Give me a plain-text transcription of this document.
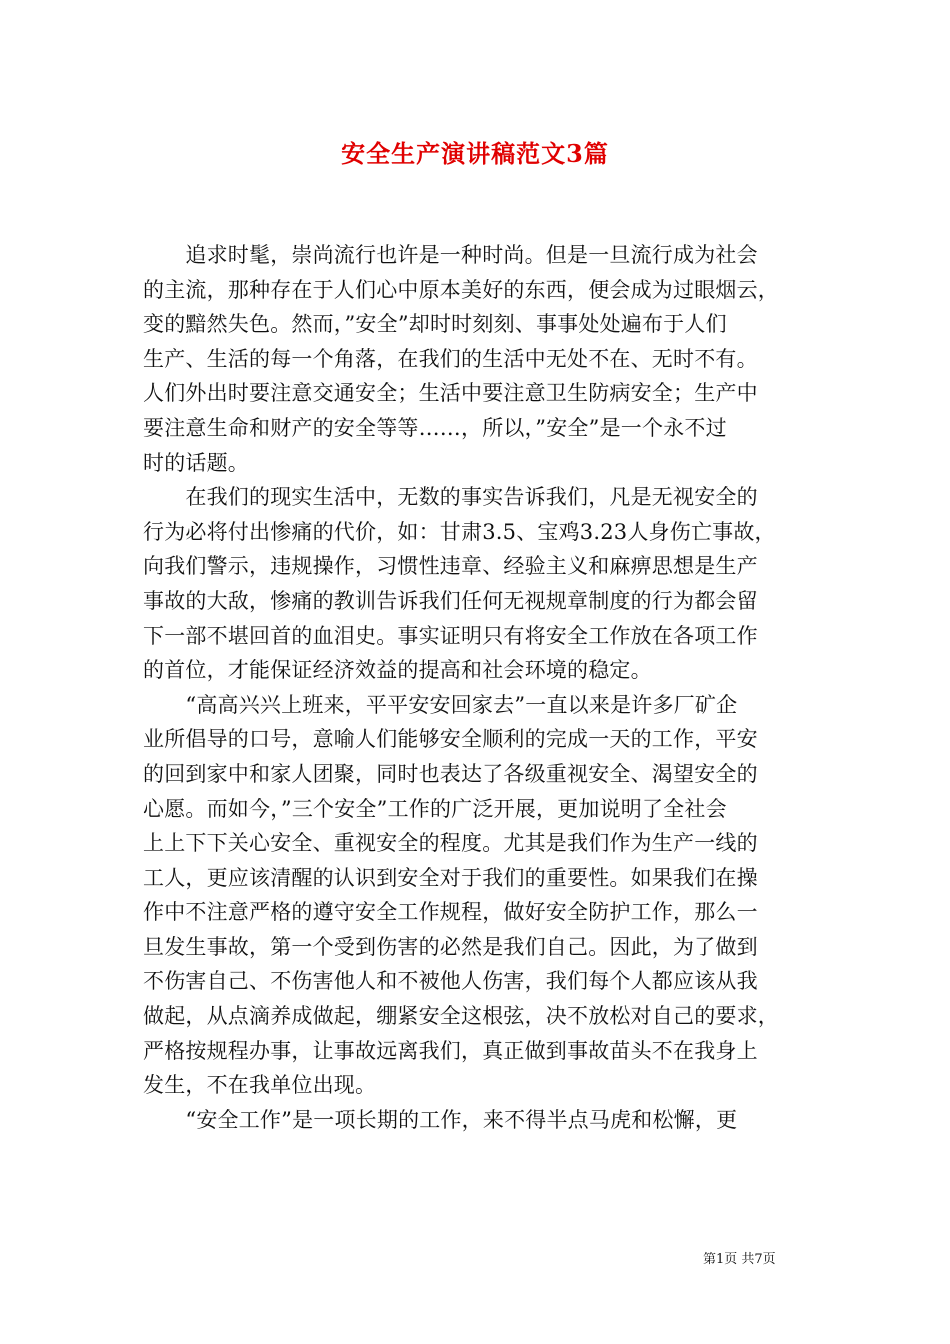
安全生产演讲稿范文3篇
　　追求时髦，崇尚流行也许是一种时尚。但是一旦流行成为社会
的主流，那种存在于人们心中原本美好的东西，便会成为过眼烟云，
变的黯然失色。然而，”安全”却时时刻刻、事事处处遍布于人们
生产、生活的每一个角落，在我们的生活中无处不在、无时不有。
人们外出时要注意交通安全；生活中要注意卫生防病安全；生产中
要注意生命和财产的安全等等……，所以，”安全”是一个永不过
时的话题。
　　在我们的现实生活中，无数的事实告诉我们，凡是无视安全的
行为必将付出惨痛的代价，如：甘肃3.5、宝鸡3.23人身伤亡事故，
向我们警示，违规操作，习惯性违章、经验主义和麻痹思想是生产
事故的大敌，惨痛的教训告诉我们任何无视规章制度的行为都会留
下一部不堪回首的血泪史。事实证明只有将安全工作放在各项工作
的首位，才能保证经济效益的提高和社会环境的稳定。
　　“高高兴兴上班来，平平安安回家去”一直以来是许多厂矿企
业所倡导的口号，意喻人们能够安全顺利的完成一天的工作，平安
的回到家中和家人团聚，同时也表达了各级重视安全、渴望安全的
心愿。而如今，”三个安全”工作的广泛开展，更加说明了全社会
上上下下关心安全、重视安全的程度。尤其是我们作为生产一线的
工人，更应该清醒的认识到安全对于我们的重要性。如果我们在操
作中不注意严格的遵守安全工作规程，做好安全防护工作，那么一
旦发生事故，第一个受到伤害的必然是我们自己。因此，为了做到
不伤害自己、不伤害他人和不被他人伤害，我们每个人都应该从我
做起，从点滴养成做起，绷紧安全这根弦，决不放松对自己的要求，
严格按规程办事，让事故远离我们，真正做到事故苗头不在我身上
发生，不在我单位出现。
　　“安全工作”是一项长期的工作，来不得半点马虎和松懈，更
第1页 共7页
